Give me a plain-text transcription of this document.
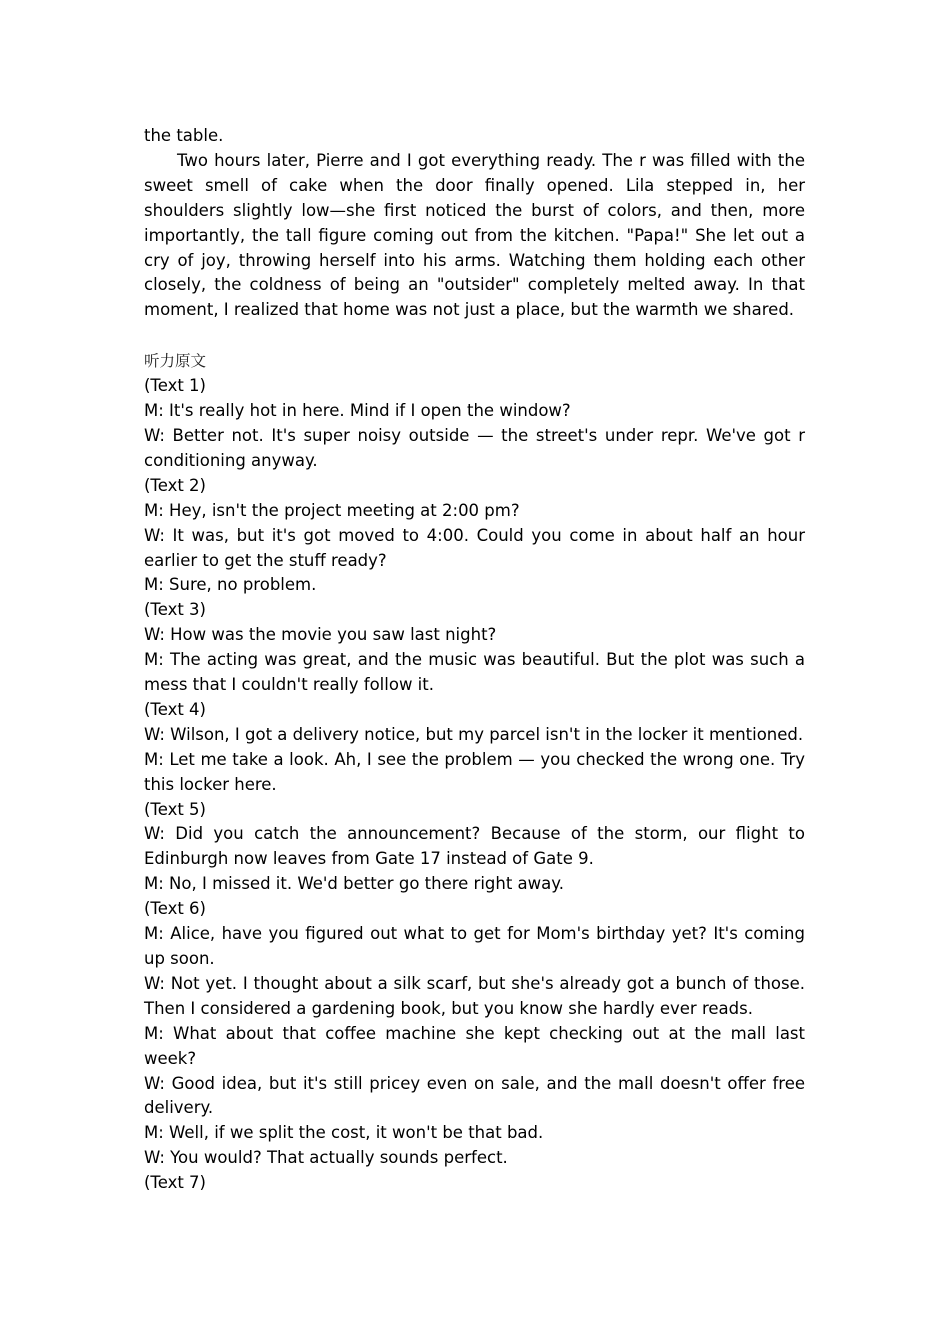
the table.

Two hours later, Pierre and I got everything ready. The r was filled with the sweet smell of cake when the door finally opened. Lila stepped in, her shoulders slightly low—she first noticed the burst of colors, and then, more importantly, the tall figure coming out from the kitchen. "Papa!" She let out a cry of joy, throwing herself into his arms. Watching them holding each other closely, the coldness of being an "outsider" completely melted away. In that moment, I realized that home was not just a place, but the warmth we shared.

听力原文

(Text 1)

M: It's really hot in here. Mind if I open the window?

W: Better not. It's super noisy outside — the street's under repr. We've got r conditioning anyway.

(Text 2)

M: Hey, isn't the project meeting at 2:00 pm?

W: It was, but it's got moved to 4:00. Could you come in about half an hour earlier to get the stuff ready?

M: Sure, no problem.

(Text 3)

W: How was the movie you saw last night?

M: The acting was great, and the music was beautiful. But the plot was such a mess that I couldn't really follow it.

(Text 4)

W: Wilson, I got a delivery notice, but my parcel isn't in the locker it mentioned.

M: Let me take a look. Ah, I see the problem — you checked the wrong one. Try this locker here.

(Text 5)

W: Did you catch the announcement? Because of the storm, our flight to Edinburgh now leaves from Gate 17 instead of Gate 9.

M: No, I missed it. We'd better go there right away.

(Text 6)

M: Alice, have you figured out what to get for Mom's birthday yet? It's coming up soon.

W: Not yet. I thought about a silk scarf, but she's already got a bunch of those. Then I considered a gardening book, but you know she hardly ever reads.

M: What about that coffee machine she kept checking out at the mall last week?

W: Good idea, but it's still pricey even on sale, and the mall doesn't offer free delivery.

M: Well, if we split the cost, it won't be that bad.

W: You would? That actually sounds perfect.

(Text 7)
